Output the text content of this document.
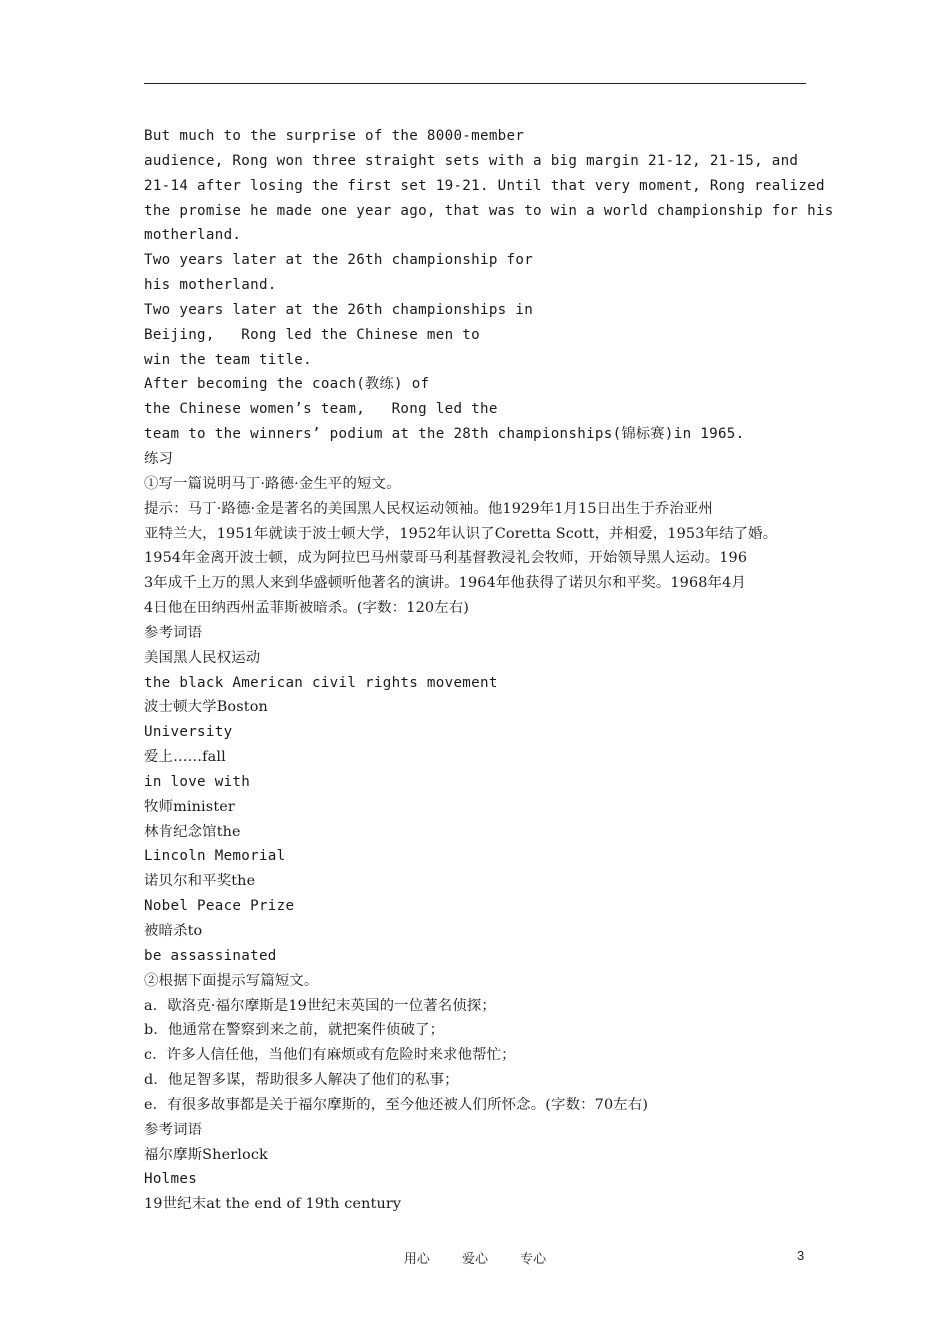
But much to the surprise of the 8000-member
audience, Rong won three straight sets with a big margin 21-12, 21-15, and
21-14 after losing the first set 19-21. Until that very moment, Rong realized
the promise he made one year ago, that was to win a world championship for his
motherland.
Two years later at the 26th championship for
his motherland.
Two years later at the 26th championships in
Beijing,   Rong led the Chinese men to
win the team title.
After becoming the coach(教练) of
the Chinese women’s team,   Rong led the
team to the winners’ podium at the 28th championships(锦标赛)in 1965.
练习
①写一篇说明马丁·路德·金生平的短文。
提示：马丁·路德·金是著名的美国黑人民权运动领袖。他1929年1月15日出生于乔治亚州
亚特兰大，1951年就读于波士顿大学，1952年认识了Coretta Scott，并相爱，1953年结了婚。
1954年金离开波士顿，成为阿拉巴马州蒙哥马利基督教浸礼会牧师，开始领导黑人运动。196
3年成千上万的黑人来到华盛顿听他著名的演讲。1964年他获得了诺贝尔和平奖。1968年4月
4日他在田纳西州孟菲斯被暗杀。(字数：120左右)
参考词语
美国黑人民权运动
the black American civil rights movement
波士顿大学Boston
University
爱上……fall
in love with
牧师minister
林肯纪念馆the
Lincoln Memorial
诺贝尔和平奖the
Nobel Peace Prize
被暗杀to
be assassinated
②根据下面提示写篇短文。
a．歇洛克·福尔摩斯是19世纪末英国的一位著名侦探；
b．他通常在警察到来之前，就把案件侦破了；
c．许多人信任他，当他们有麻烦或有危险时来求他帮忙；
d．他足智多谋，帮助很多人解决了他们的私事；
e．有很多故事都是关于福尔摩斯的，至今他还被人们所怀念。(字数：70左右)
参考词语
福尔摩斯Sherlock
Holmes
19世纪末at the end of 19th century
用心 爱心 专心	3
